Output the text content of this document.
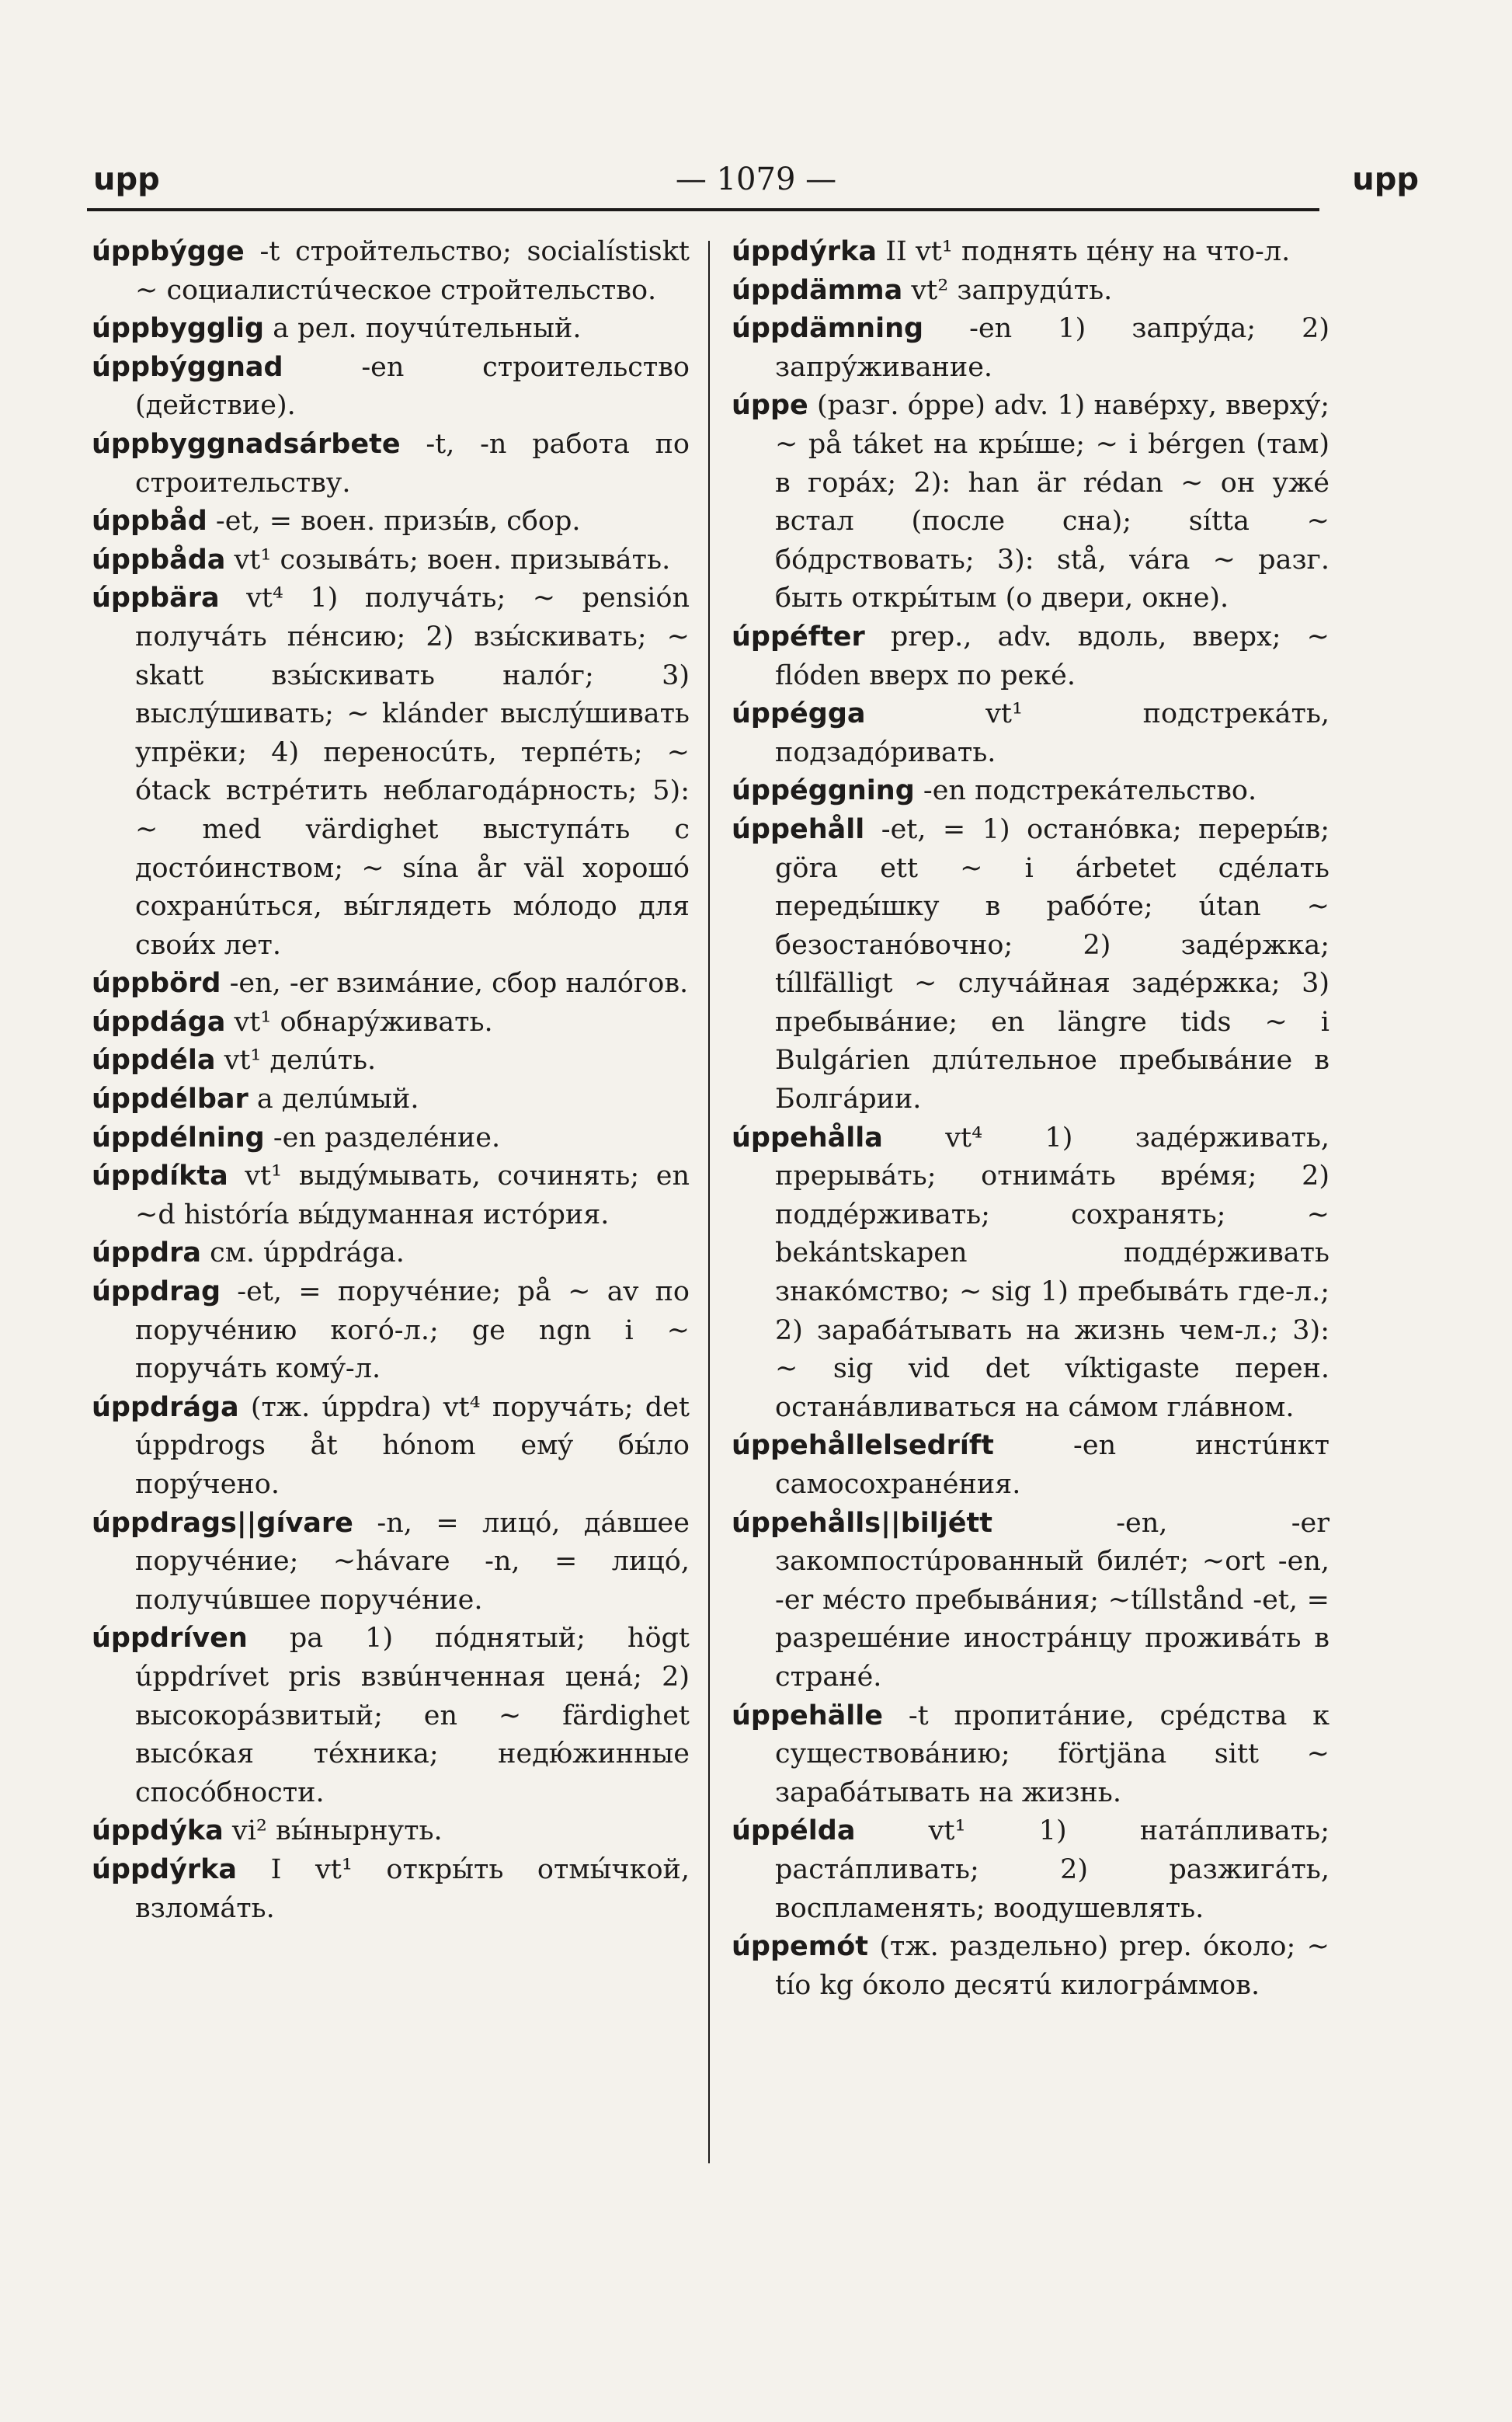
upp	— 1079 —	upp

úppbýgge -t стройтельство; socialístiskt ~ социалистúческое стройтельство.

úppbygglig a рел. поучúтельный.

úppbýggnad -en строительство (действие).

úppbyggnadsárbete -t, -n работа по строительству.

úppbåd -et, = воен. призы́в, сбор.

úppbåda vt¹ созывáть; воен. призывáть.

úppbära vt⁴ 1) получáть; ~ pensión получáть пéнсию; 2) взы́скивать; ~ skatt взы́скивать налóг; 3) выслýшивать; ~ klánder выслýшивать упрёки; 4) переносúть, терпéть; ~ ótack встрéтить неблагодáрность; 5): ~ med värdighet выступáть с достóинством; ~ sína år väl хорошó сохранúться, вы́глядеть мóлодо для свои́х лет.

úppbörd -en, -er взимáние, сбор налóгов.

úppdága vt¹ обнарýживать.

úppdéla vt¹ делúть.

úppdélbar a делúмый.

úppdélning -en разделéние.

úppdíkta vt¹ выдýмывать, сочинять; en ~d históría вы́думанная истóрия.

úppdra см. úppdrága.

úppdrag -et, = поручéние; på ~ av по поручéнию когó-л.; ge ngn i ~ поручáть комý-л.

úppdrága (тж. úppdra) vt⁴ поручáть; det úppdrogs åt hónom емý бы́ло порýчено.

úppdrags||gívare -n, = лицó, дáвшее поручéние; ~hávare -n, = лицó, получúвшее поручéние.

úppdríven pa 1) пóднятый; högt úppdrívet pris взвúнченная ценá; 2) высокорáзвитый; en ~ färdighet высóкая тéхника; недю́жинные спосóбности.

úppdýka vi² вы́нырнуть.

úppdýrka I vt¹ откры́ть отмы́чкой, взломáть.

úppdýrka II vt¹ поднять цéну на что-л.

úppdämma vt² запрудúть.

úppdämning -en 1) запрýда; 2) запрýживание.

úppe (разг. óppe) adv. 1) навéрху, вверхý; ~ på táket на кры́ше; ~ i bérgen (там) в горáх; 2): han är rédan ~ он ужé встал (после сна); sítta ~ бóдрствовать; 3): stå, vára ~ разг. быть откры́тым (о двери, окне).

úppéfter prep., adv. вдоль, вверх; ~ flóden вверх по рекé.

úppégga vt¹ подстрекáть, подзадóривать.

úppéggning -en подстрекáтельство.

úppehåll -et, = 1) останóвка; переры́в; göra ett ~ i árbetet сдéлать переды́шку в рабóте; útan ~ безостанóвочно; 2) задéржка; tíllfälligt ~ случáйная задéржка; 3) пребывáние; en längre tids ~ i Bulgárien длúтельное пребывáние в Болгáрии.

úppehålla vt⁴ 1) задéрживать, прерывáть; отнимáть врéмя; 2) поддéрживать; сохранять; ~ bekántskapen поддéрживать знакóмство; ~ sig 1) пребывáть где-л.; 2) зарабáтывать на жизнь чем-л.; 3): ~ sig vid det víktigaste перен. останáвливаться на сáмом глáвном.

úppehållelsedríft -en инстúнкт самосохранéния.

úppehålls||biljétt -en, -er закомпостúрованный билéт; ~ort -en, -er мéсто пребывáния; ~tíllstånd -et, = разрешéние инострáнцу проживáть в странé.

úppehälle -t пропитáние, срéдства к существовáнию; förtjäna sitt ~ зарабáтывать на жизнь.

úppélda vt¹ 1) натáпливать; растáпливать; 2) разжигáть, воспламенять; воодушевлять.

úppemót (тж. раздельно) prep. óколо; ~ tío kg óколо десятú килогрáммов.
